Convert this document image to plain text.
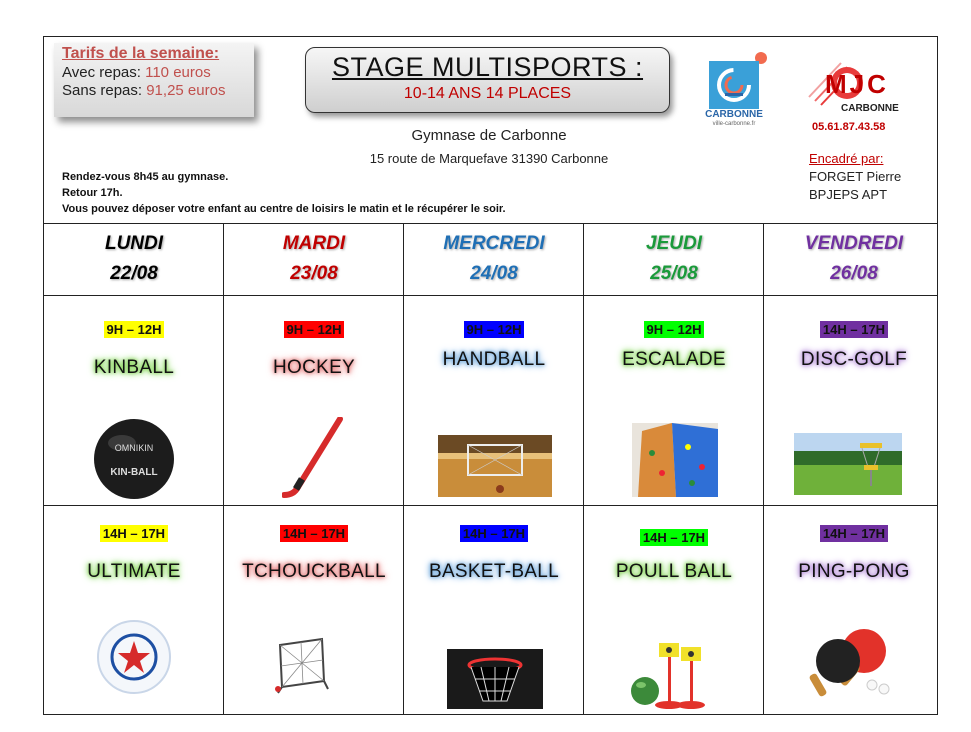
Tarifs de la semaine:
Avec repas: 110 euros
Sans repas: 91,25 euros
STAGE MULTISPORTS :
10-14 ANS 14 PLACES
Gymnase de Carbonne
15 route de Marquefave 31390 Carbonne
Rendez-vous 8h45 au gymnase.
Retour 17h.
Vous pouvez déposer votre enfant au centre de loisirs le matin et le récupérer le soir.
CARBONNE
ville-carbonne.fr
MJC
CARBONNE
05.61.87.43.58
Encadré par:
FORGET Pierre
BPJEPS APT
LUNDI
22/08
MARDI
23/08
MERCREDI
24/08
JEUDI
25/08
VENDREDI
26/08
9H – 12H
KINBALL
9H – 12H
HOCKEY
9H – 12H
HANDBALL
9H – 12H
ESCALADE
14H – 17H
DISC-GOLF
14H – 17H
ULTIMATE
14H – 17H
TCHOUCKBALL
14H – 17H
BASKET-BALL
14H – 17H
POULL BALL
14H – 17H
PING-PONG
OMNIKIN
KIN-BALL
